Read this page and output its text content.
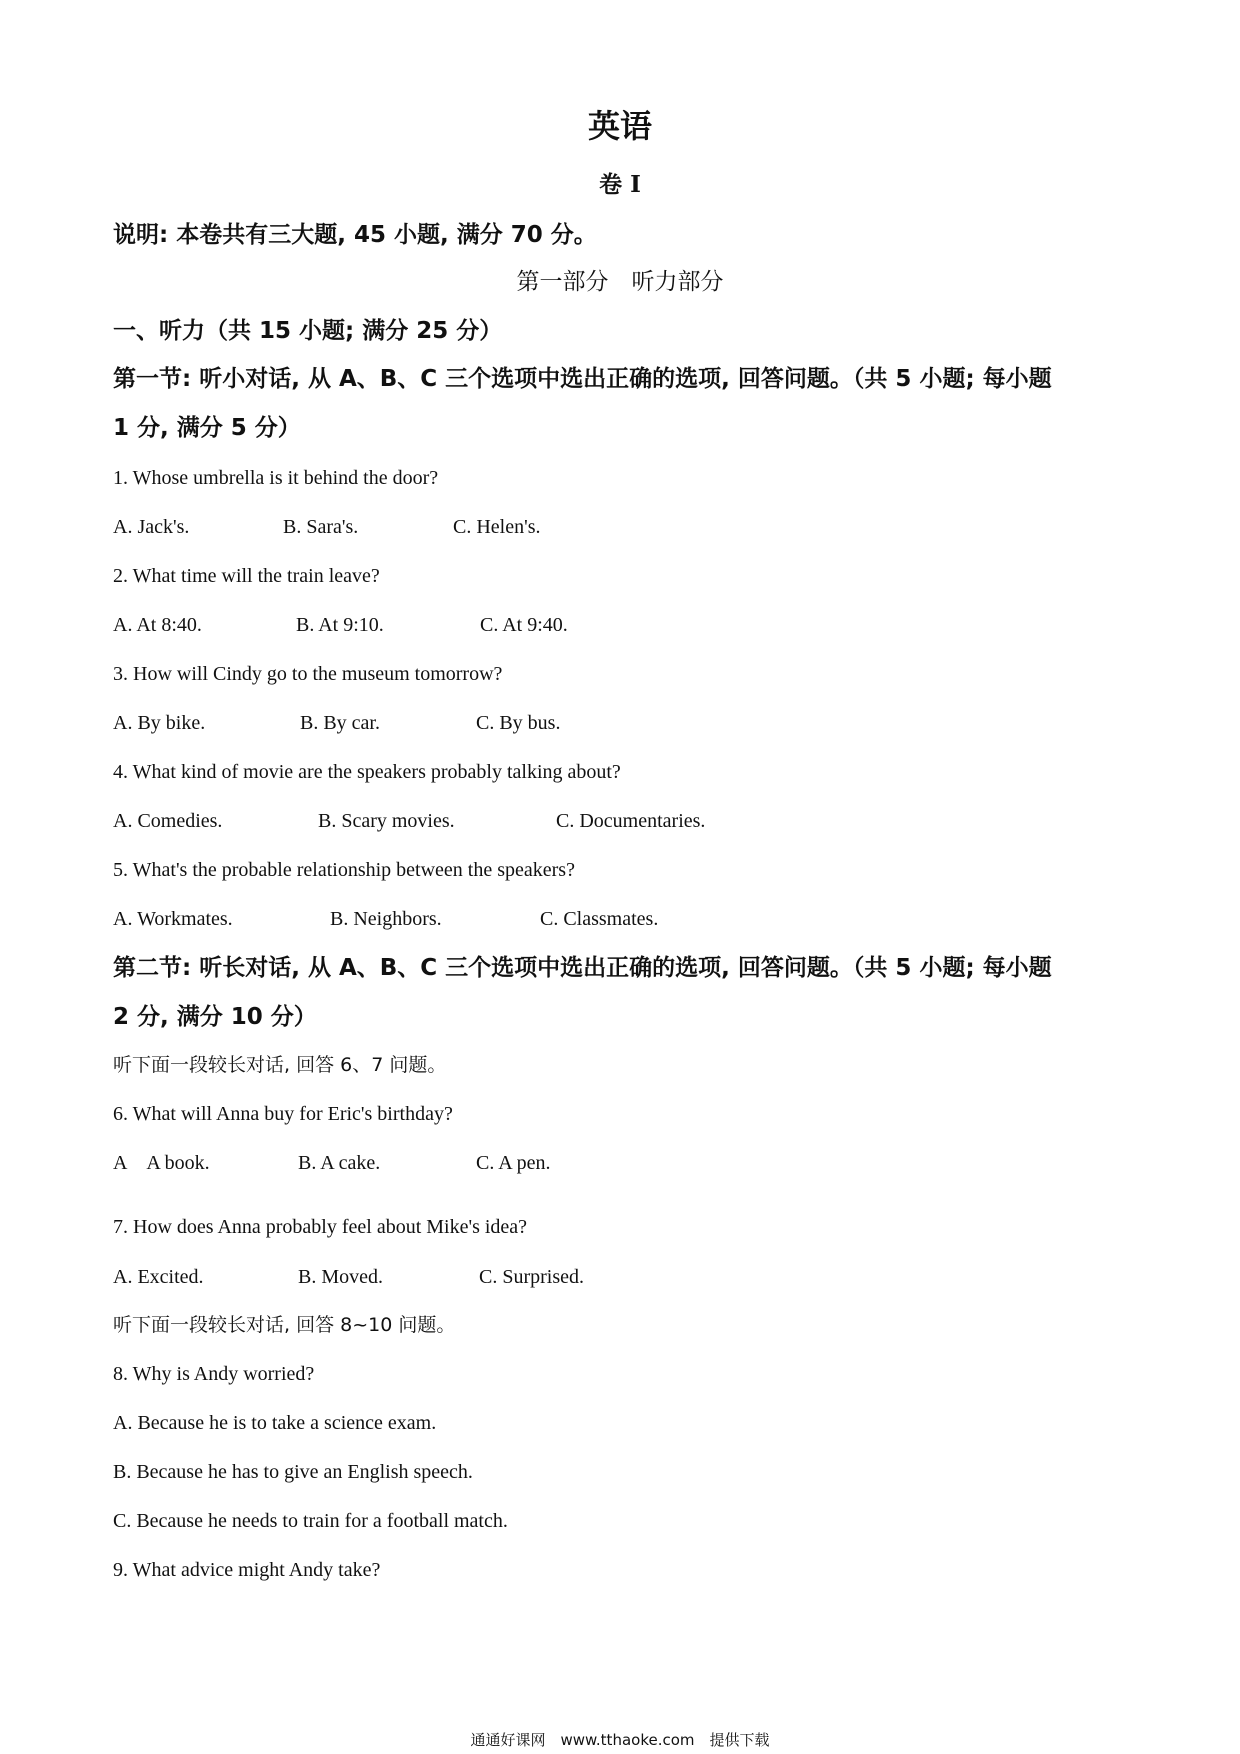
英语
卷 I
说明: 本卷共有三大题, 45 小题, 满分 70 分。
第一部分　听力部分
一、听力（共 15 小题; 满分 25 分）
第一节: 听小对话, 从 A、B、C 三个选项中选出正确的选项, 回答问题。（共 5 小题; 每小题
1 分, 满分 5 分）
1. Whose umbrella is it behind the door?
A. Jack's.	B. Sara's.	C. Helen's.
2. What time will the train leave?
A. At 8:40.	B. At 9:10.	C. At 9:40.
3. How will Cindy go to the museum tomorrow?
A. By bike.	B. By car.	C. By bus.
4. What kind of movie are the speakers probably talking about?
A. Comedies.	B. Scary movies.	C. Documentaries.
5. What's the probable relationship between the speakers?
A. Workmates.	B. Neighbors.	C. Classmates.
第二节: 听长对话, 从 A、B、C 三个选项中选出正确的选项, 回答问题。（共 5 小题; 每小题
2 分, 满分 10 分）
听下面一段较长对话, 回答 6、7 问题。
6. What will Anna buy for Eric's birthday?
A　A book.	B. A cake.	C. A pen.
7. How does Anna probably feel about Mike's idea?
A. Excited.	B. Moved.	C. Surprised.
听下面一段较长对话, 回答 8~10 问题。
8. Why is Andy worried?
A. Because he is to take a science exam.
B. Because he has to give an English speech.
C. Because he needs to train for a football match.
9. What advice might Andy take?
通通好课网　www.tthaoke.com　提供下载
